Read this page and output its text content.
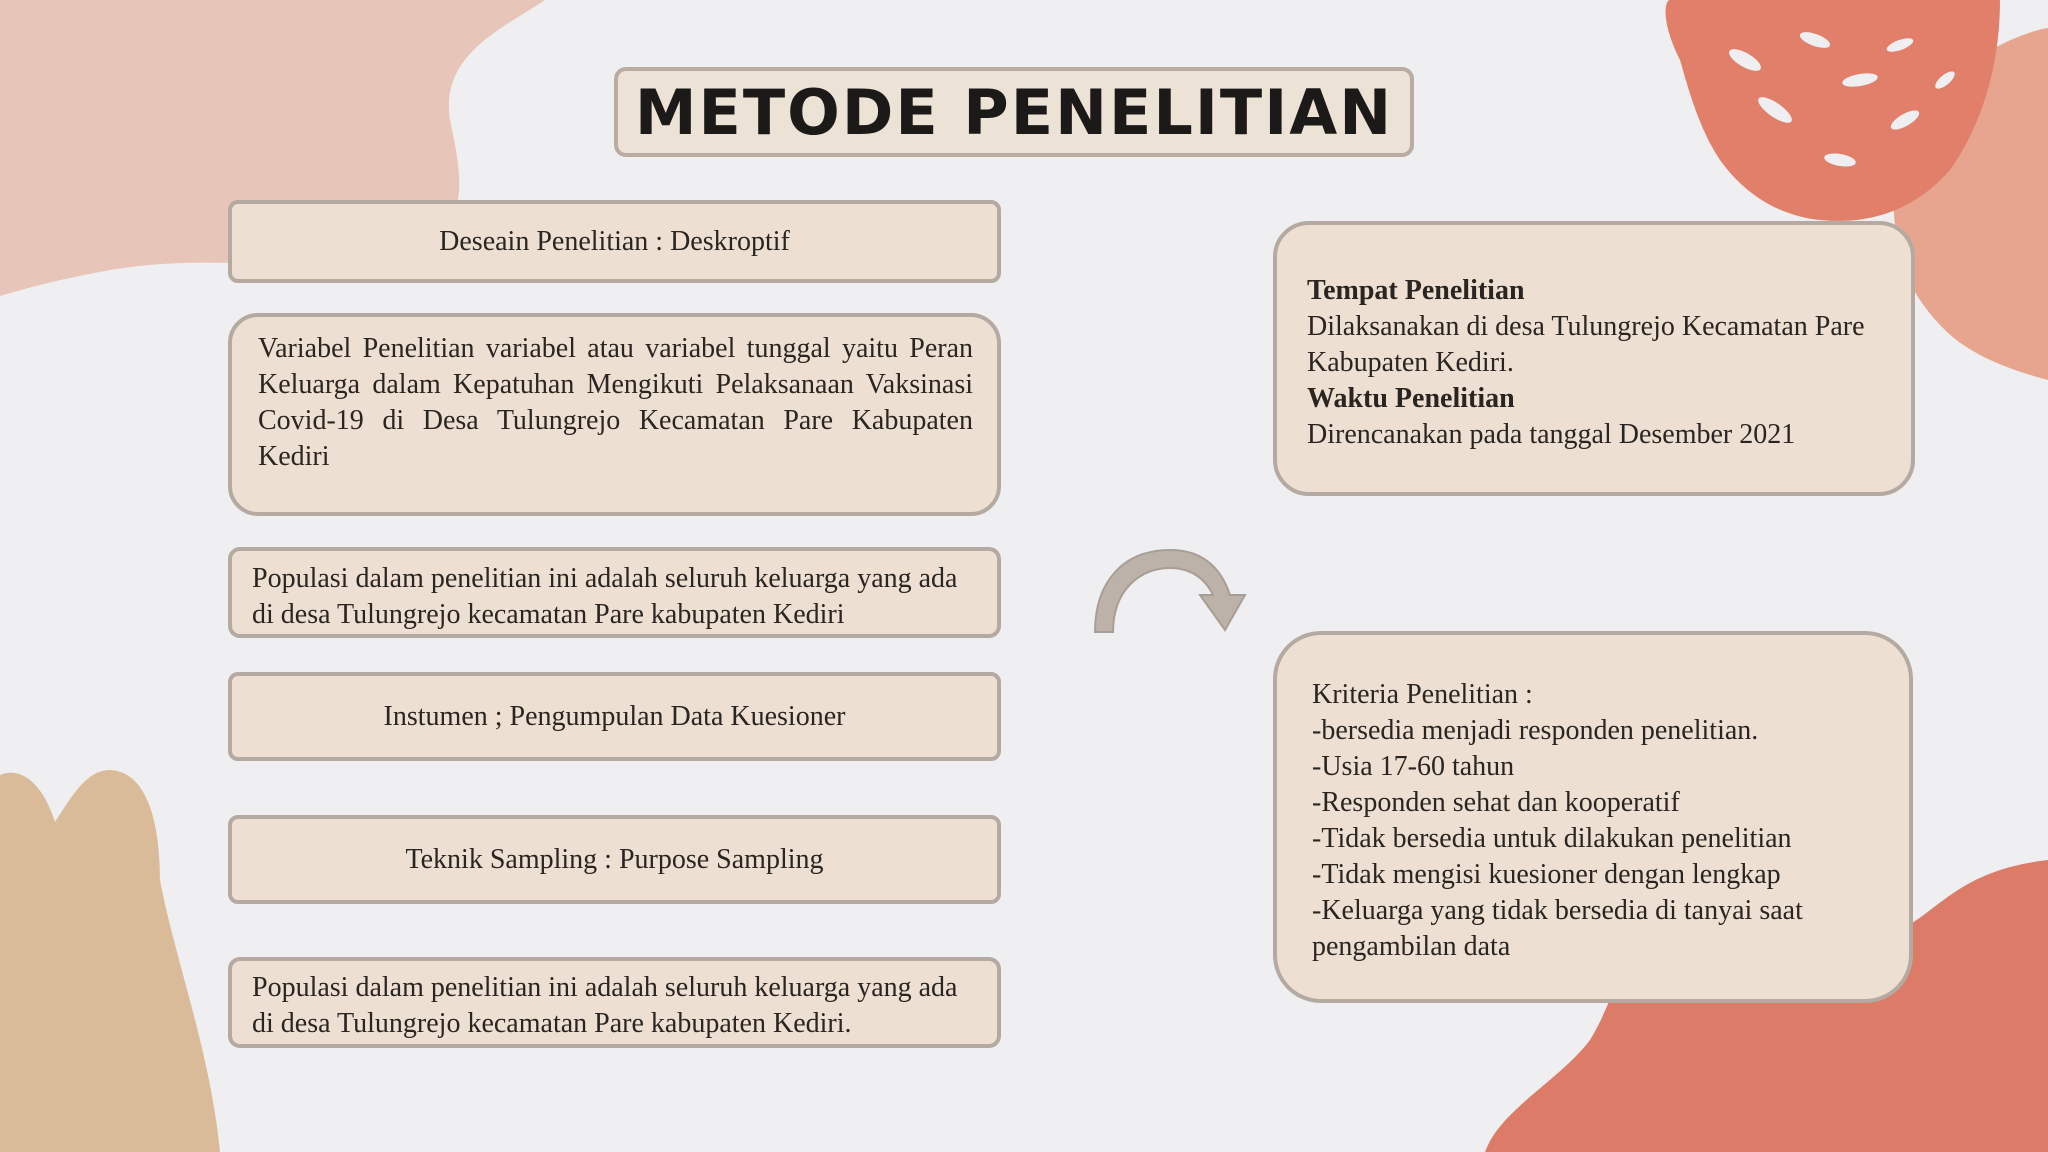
METODE PENELITIAN
Deseain Penelitian : Deskroptif
Variabel Penelitian variabel atau variabel tunggal yaitu Peran Keluarga dalam Kepatuhan Mengikuti Pelaksanaan Vaksinasi Covid-19 di Desa Tulungrejo Kecamatan Pare Kabupaten Kediri
Populasi dalam penelitian ini adalah seluruh keluarga yang ada di desa Tulungrejo kecamatan Pare kabupaten Kediri
Instumen ; Pengumpulan Data Kuesioner
Teknik Sampling : Purpose Sampling
Populasi dalam penelitian ini adalah seluruh keluarga yang ada di desa Tulungrejo kecamatan Pare kabupaten Kediri.
Tempat Penelitian
Dilaksanakan di desa Tulungrejo Kecamatan Pare Kabupaten Kediri.
Waktu Penelitian
Direncanakan pada tanggal Desember 2021
Kriteria Penelitian :
-bersedia menjadi responden penelitian.
-Usia 17-60 tahun
-Responden sehat dan kooperatif
-Tidak bersedia untuk dilakukan penelitian
-Tidak mengisi kuesioner dengan lengkap
-Keluarga yang tidak bersedia di tanyai saat pengambilan data
